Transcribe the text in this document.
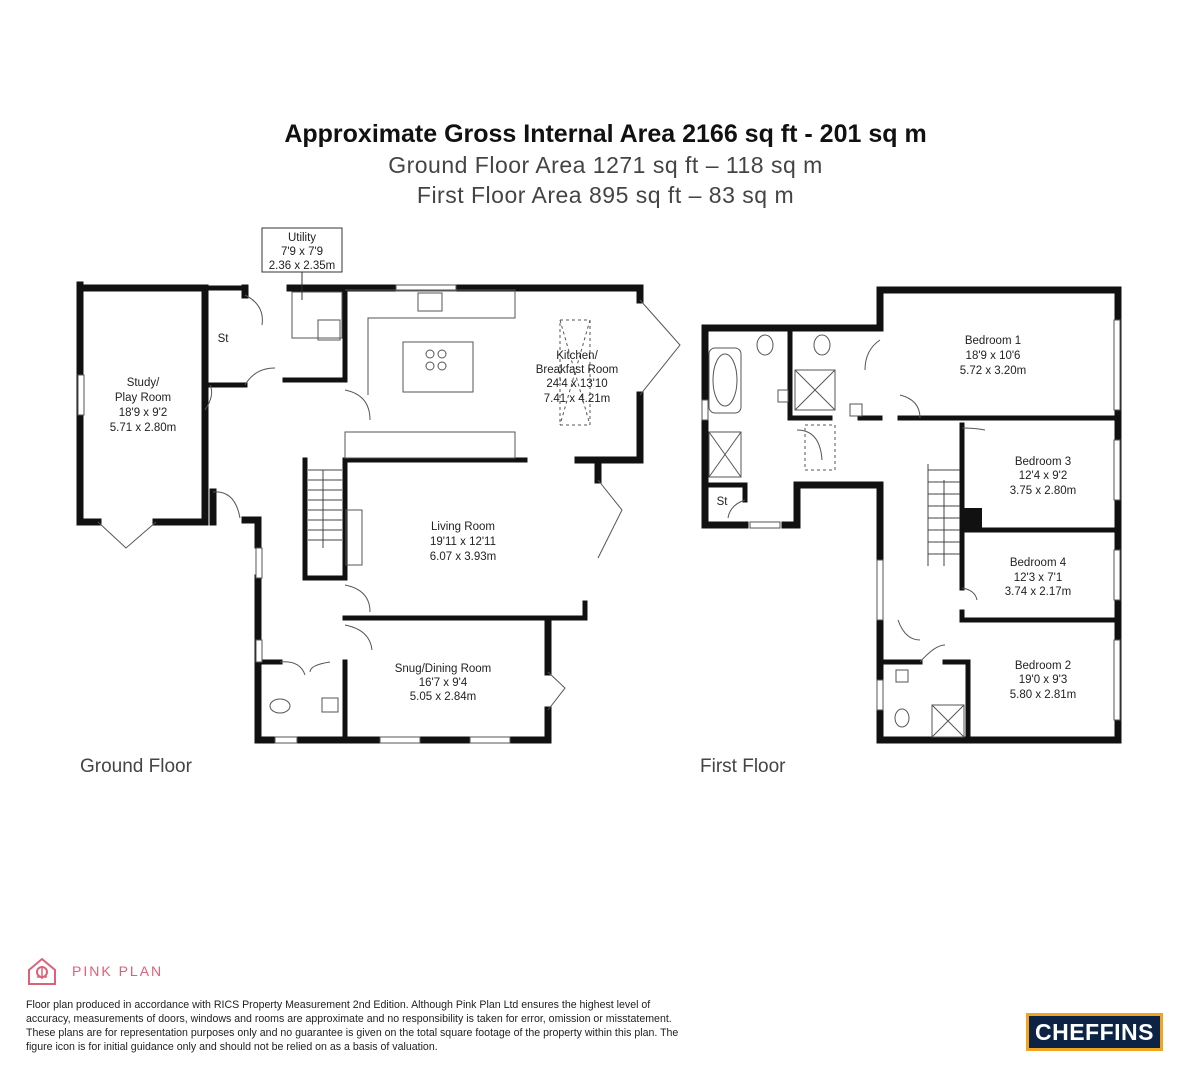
Approximate Gross Internal Area 2166 sq ft - 201 sq m
Ground Floor Area 1271 sq ft – 118 sq m
First Floor Area 895 sq ft – 83 sq m
Utility
7'9 x 7'9
2.36 x 2.35m
St
Study/
Play Room
18'9 x 9'2
5.71 x 2.80m
Kitchen/
Breakfast Room
24'4 x 13'10
7.41 x 4.21m
Living Room
19'11 x 12'11
6.07 x 3.93m
Snug/Dining Room
16'7 x 9'4
5.05 x 2.84m
St
Bedroom 1
18'9 x 10'6
5.72 x 3.20m
Bedroom 3
12'4 x 9'2
3.75 x 2.80m
Bedroom 4
12'3 x 7'1
3.74 x 2.17m
Bedroom 2
19'0 x 9'3
5.80 x 2.81m
Ground Floor	First Floor
PINK PLAN
Floor plan produced in accordance with RICS Property Measurement 2nd Edition. Although Pink Plan Ltd ensures the highest level of accuracy, measurements of doors, windows and rooms are approximate and no responsibility is taken for error, omission or misstatement. These plans are for representation purposes only and no guarantee is given on the total square footage of the property within this plan. The figure icon is for initial guidance only and should not be relied on as a basis of valuation.
CHEFFINS
